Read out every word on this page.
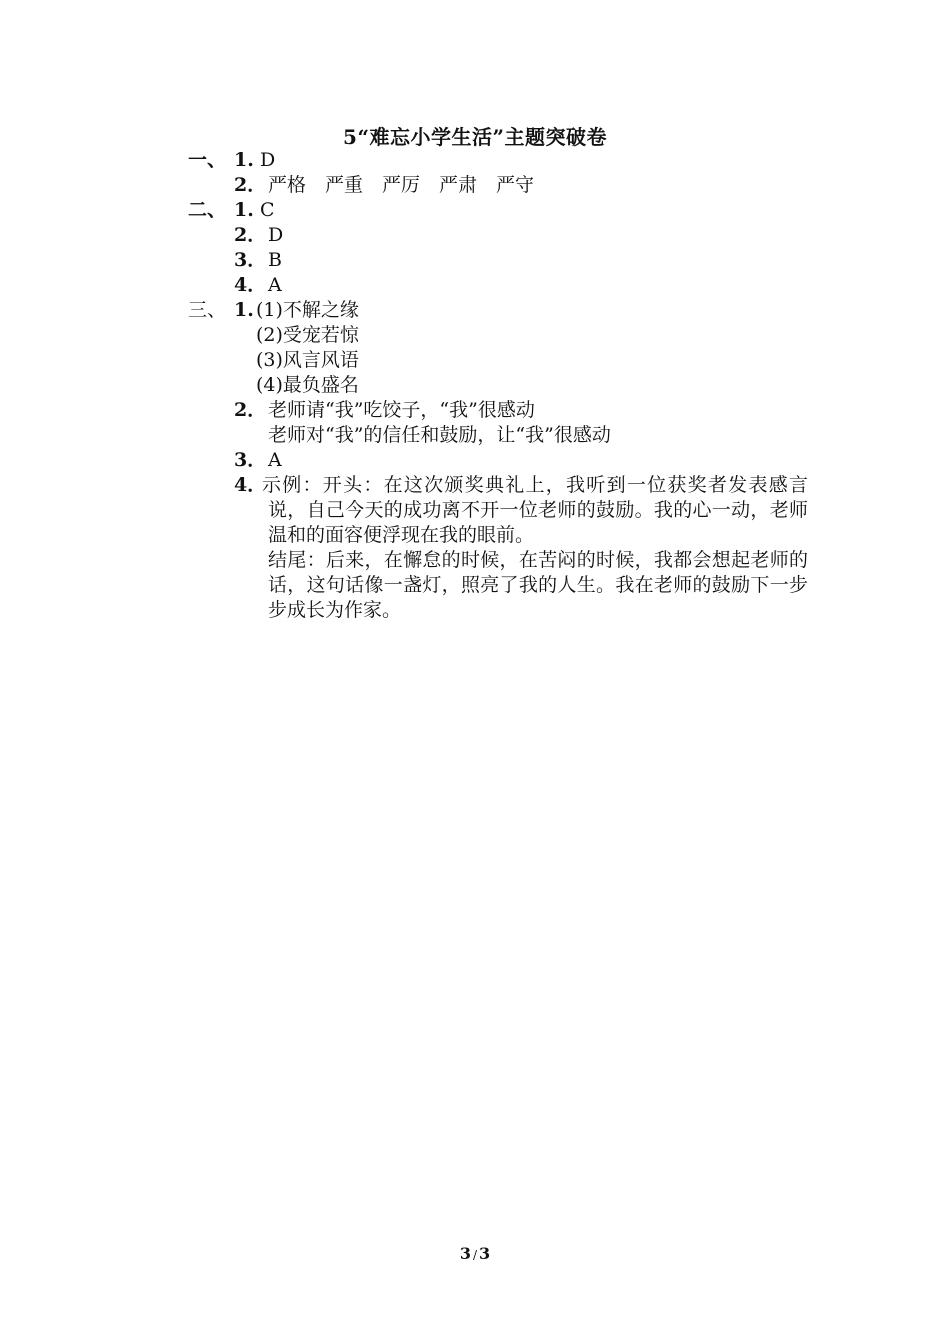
5“难忘小学生活”主题突破卷
一、 1. D
2． 严格　严重　严厉　严肃　严守
二、 1. C
2． D
3． B
4． A
三、 1. (1)不解之缘
(2)受宠若惊
(3)风言风语
(4)最负盛名
2． 老师请“我”吃饺子，“我”很感动
老师对“我”的信任和鼓励，让“我”很感动
3． A
4．
示例：开头：在这次颁奖典礼上，我听到一位获奖者发表感言说，自己今天的成功离不开一位老师的鼓励。我的心一动，老师温和的面容便浮现在我的眼前。
结尾：后来，在懈怠的时候，在苦闷的时候，我都会想起老师的话，这句话像一盏灯，照亮了我的人生。我在老师的鼓励下一步步成长为作家。
3 / 3
